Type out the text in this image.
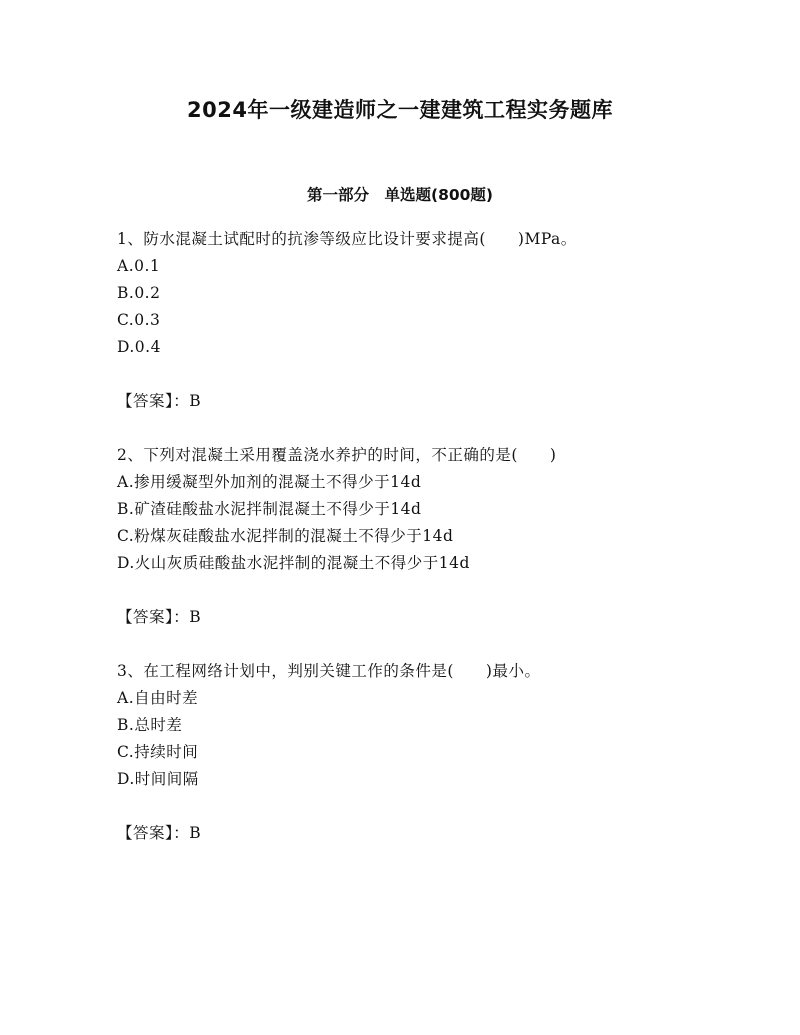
2024年一级建造师之一建建筑工程实务题库
第一部分　单选题(800题)
1、防水混凝土试配时的抗渗等级应比设计要求提高(　　)MPa。
A.0.1
B.0.2
C.0.3
D.0.4
【答案】：B
2、下列对混凝土采用覆盖浇水养护的时间，不正确的是(　　)
A.掺用缓凝型外加剂的混凝土不得少于14d
B.矿渣硅酸盐水泥拌制混凝土不得少于14d
C.粉煤灰硅酸盐水泥拌制的混凝土不得少于14d
D.火山灰质硅酸盐水泥拌制的混凝土不得少于14d
【答案】：B
3、在工程网络计划中，判别关键工作的条件是(　　)最小。
A.自由时差
B.总时差
C.持续时间
D.时间间隔
【答案】：B
